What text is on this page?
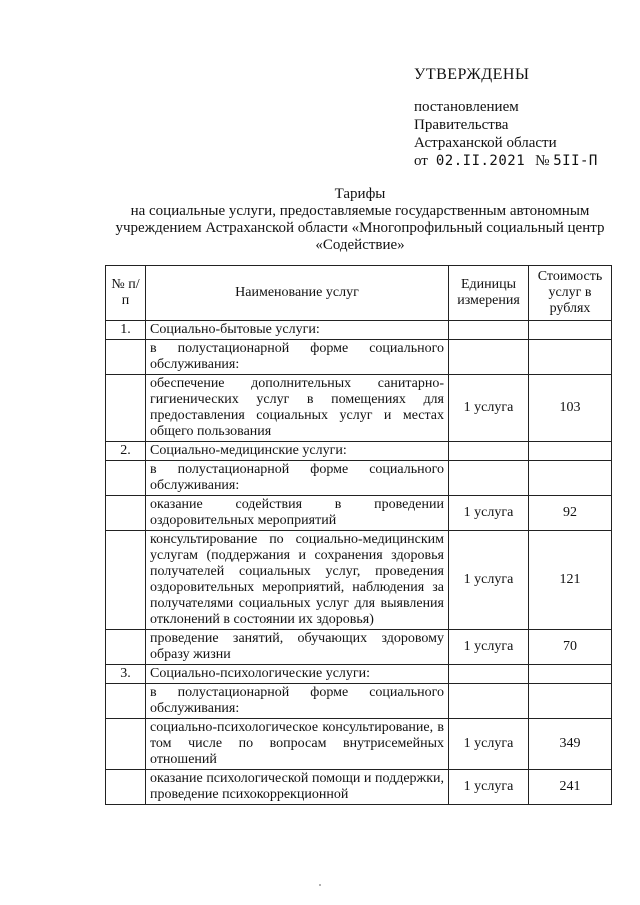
УТВЕРЖДЕНЫ
постановлением
Правительства
Астраханской области
от 02.II.2021 № 5II-П
Тарифы
на социальные услуги, предоставляемые государственным автономным
учреждением Астраханской области «Многопрофильный социальный центр
«Содействие»
№ п/п	Наименование услуг	Единицы измерения	Стоимость услуг в рублях
1.	Социально-бытовые услуги:		
	в полустационарной форме социального обслуживания:		
	обеспечение дополнительных санитарно-гигиенических услуг в помещениях для предоставления социальных услуг и местах общего пользования	1 услуга	103
2.	Социально-медицинские услуги:		
	в полустационарной форме социального обслуживания:		
	оказание содействия в проведении оздоровительных мероприятий	1 услуга	92
	консультирование по социально-медицинским услугам (поддержания и сохранения здоровья получателей социальных услуг, проведения оздоровительных мероприятий, наблюдения за получателями социальных услуг для выявления отклонений в состоянии их здоровья)	1 услуга	121
	проведение занятий, обучающих здоровому образу жизни	1 услуга	70
3.	Социально-психологические услуги:		
	в полустационарной форме социального обслуживания:		
	социально-психологическое консультирование, в том числе по вопросам внутрисемейных отношений	1 услуга	349
	оказание психологической помощи и поддержки, проведение психокоррекционной	1 услуга	241
